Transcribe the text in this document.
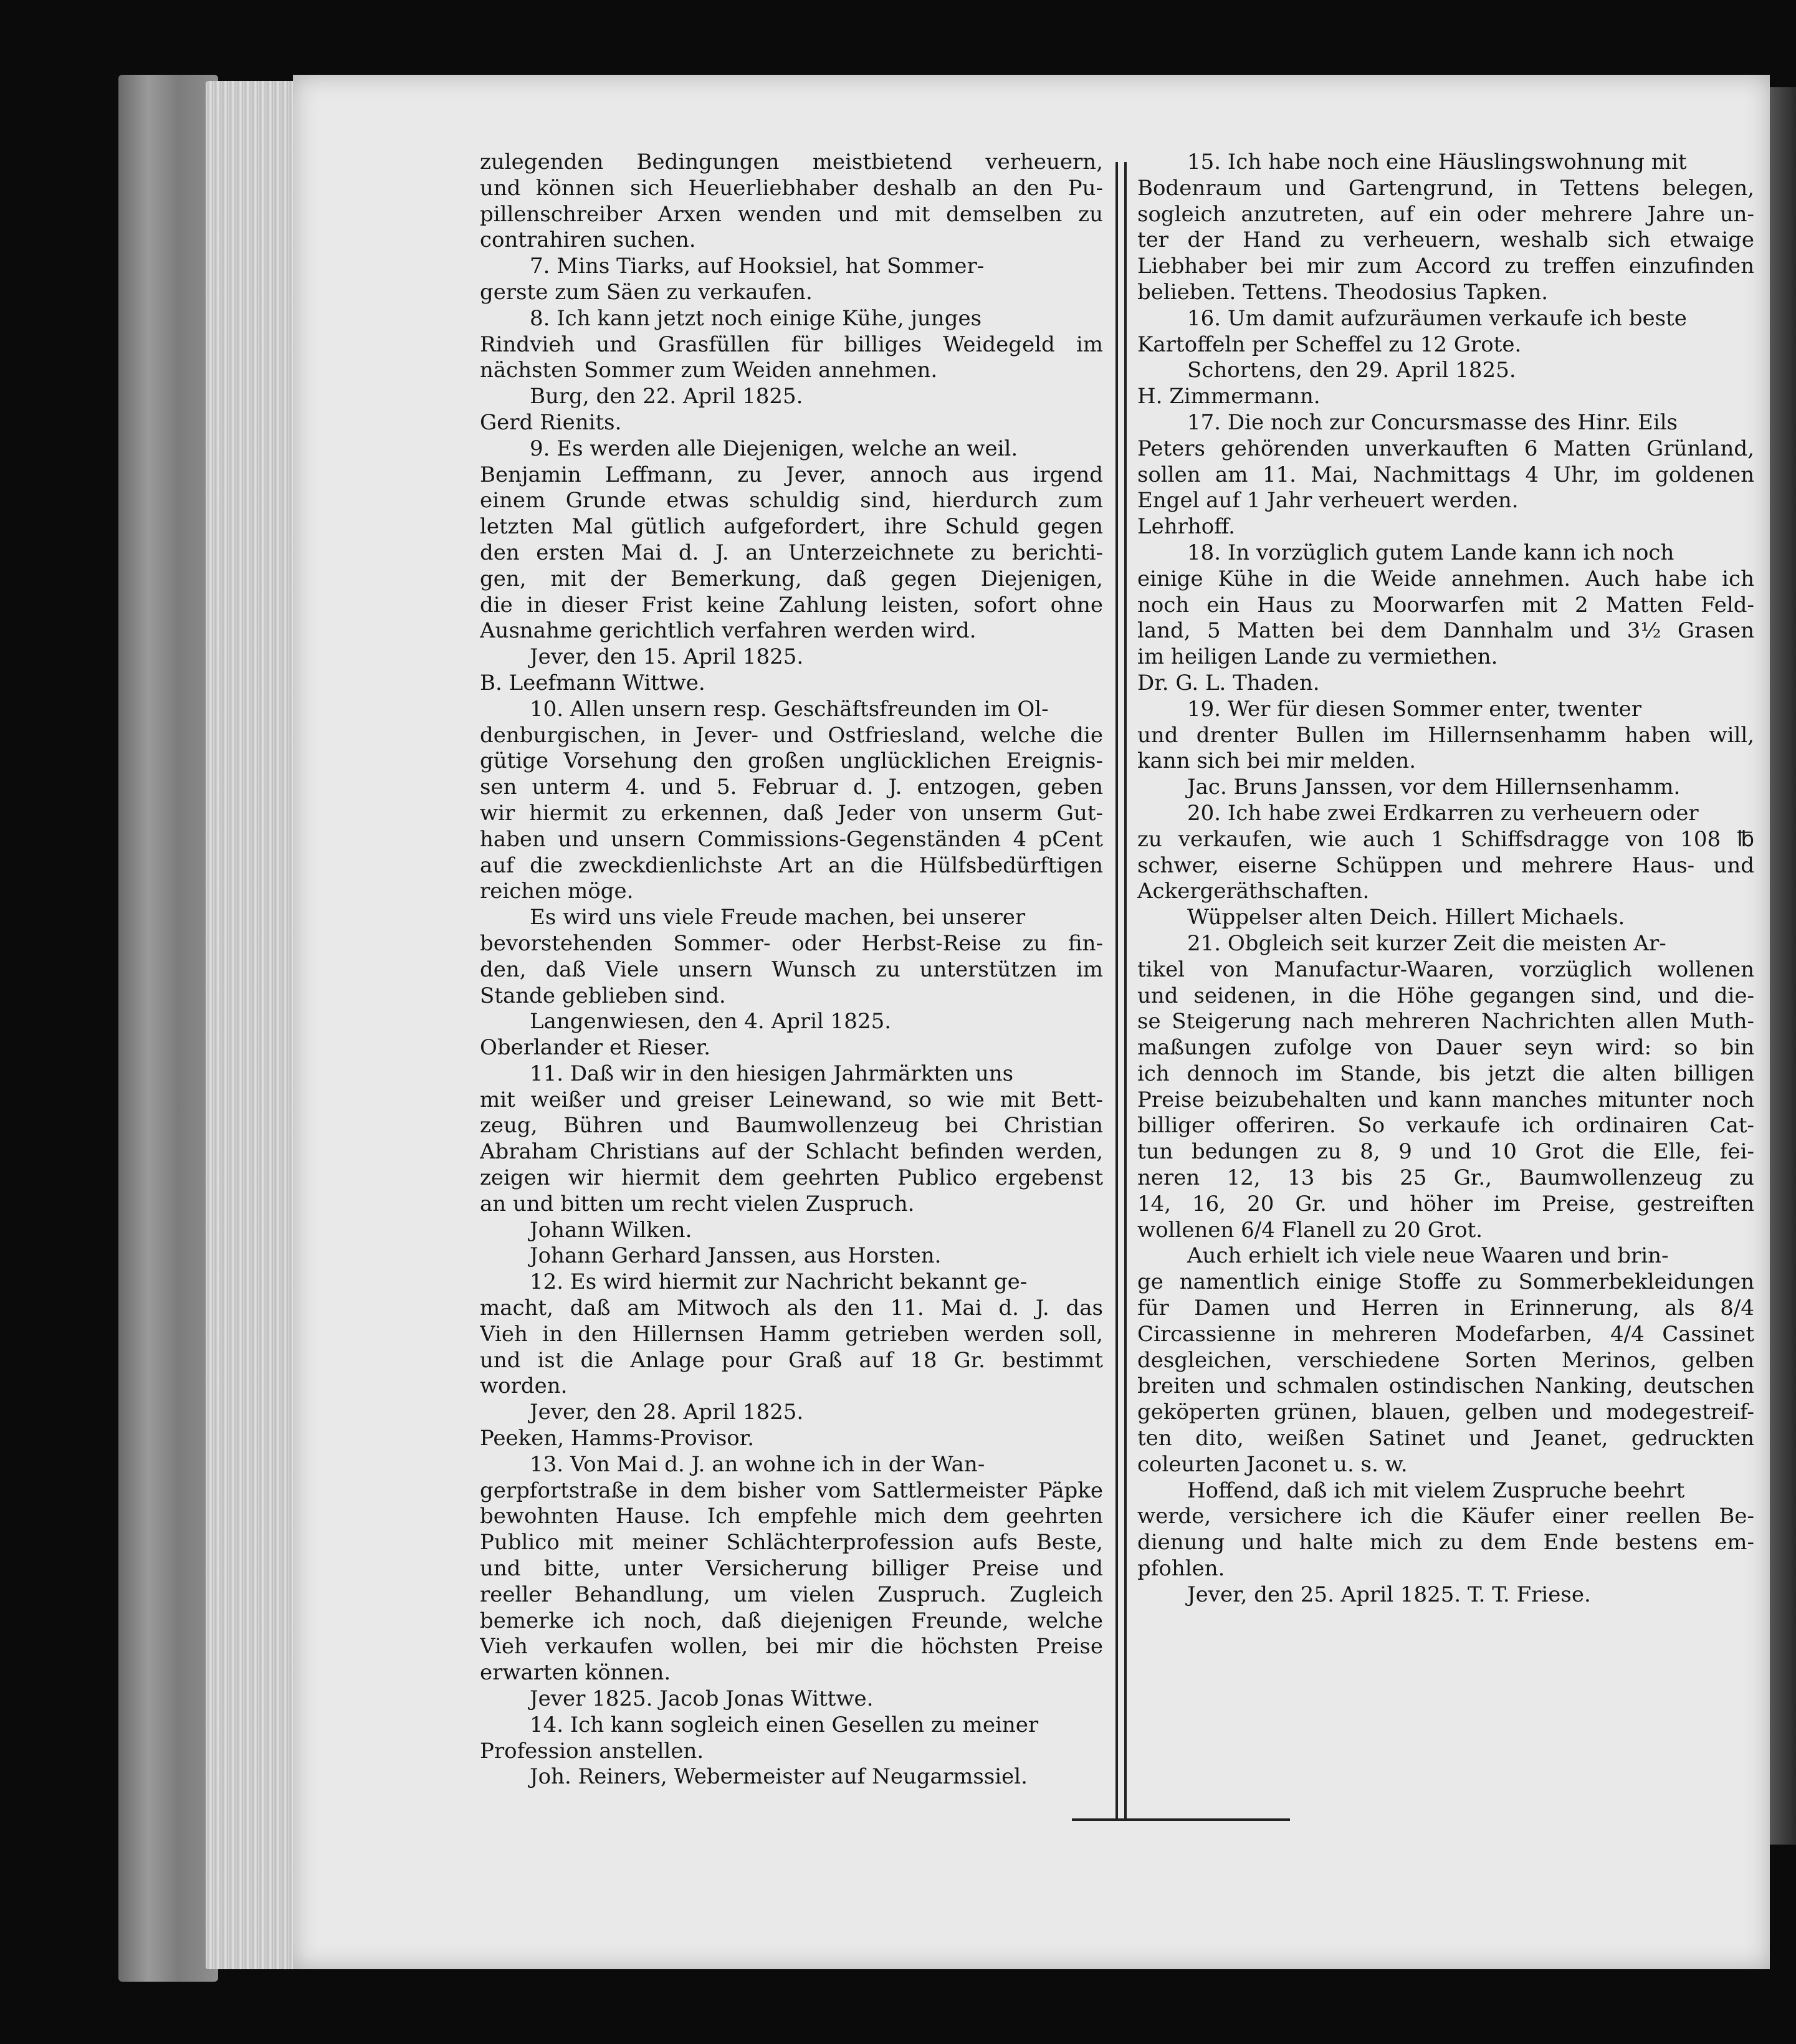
zulegenden Bedingungen meistbietend verheuern,
und können sich Heuerliebhaber deshalb an den Pu-
pillenschreiber Arxen wenden und mit demselben zu
contrahiren suchen.
7. Mins Tiarks, auf Hooksiel, hat Sommer-
gerste zum Säen zu verkaufen.
8. Ich kann jetzt noch einige Kühe, junges
Rindvieh und Grasfüllen für billiges Weidegeld im
nächsten Sommer zum Weiden annehmen.
Burg, den 22. April 1825.
Gerd Rienits.
9. Es werden alle Diejenigen, welche an weil.
Benjamin Leffmann, zu Jever, annoch aus irgend
einem Grunde etwas schuldig sind, hierdurch zum
letzten Mal gütlich aufgefordert, ihre Schuld gegen
den ersten Mai d. J. an Unterzeichnete zu berichti-
gen, mit der Bemerkung, daß gegen Diejenigen,
die in dieser Frist keine Zahlung leisten, sofort ohne
Ausnahme gerichtlich verfahren werden wird.
Jever, den 15. April 1825.
B. Leefmann Wittwe.
10. Allen unsern resp. Geschäftsfreunden im Ol-
denburgischen, in Jever- und Ostfriesland, welche die
gütige Vorsehung den großen unglücklichen Ereignis-
sen unterm 4. und 5. Februar d. J. entzogen, geben
wir hiermit zu erkennen, daß Jeder von unserm Gut-
haben und unsern Commissions-Gegenständen 4 pCent
auf die zweckdienlichste Art an die Hülfsbedürftigen
reichen möge.
Es wird uns viele Freude machen, bei unserer
bevorstehenden Sommer- oder Herbst-Reise zu fin-
den, daß Viele unsern Wunsch zu unterstützen im
Stande geblieben sind.
Langenwiesen, den 4. April 1825.
Oberlander et Rieser.
11. Daß wir in den hiesigen Jahrmärkten uns
mit weißer und greiser Leinewand, so wie mit Bett-
zeug, Bühren und Baumwollenzeug bei Christian
Abraham Christians auf der Schlacht befinden werden,
zeigen wir hiermit dem geehrten Publico ergebenst
an und bitten um recht vielen Zuspruch.
Johann Wilken.
Johann Gerhard Janssen, aus Horsten.
12. Es wird hiermit zur Nachricht bekannt ge-
macht, daß am Mitwoch als den 11. Mai d. J. das
Vieh in den Hillernsen Hamm getrieben werden soll,
und ist die Anlage pour Graß auf 18 Gr. bestimmt
worden.
Jever, den 28. April 1825.
Peeken, Hamms-Provisor.
13. Von Mai d. J. an wohne ich in der Wan-
gerpfortstraße in dem bisher vom Sattlermeister Päpke
bewohnten Hause. Ich empfehle mich dem geehrten
Publico mit meiner Schlächterprofession aufs Beste,
und bitte, unter Versicherung billiger Preise und
reeller Behandlung, um vielen Zuspruch. Zugleich
bemerke ich noch, daß diejenigen Freunde, welche
Vieh verkaufen wollen, bei mir die höchsten Preise
erwarten können.
Jever 1825. Jacob Jonas Wittwe.
14. Ich kann sogleich einen Gesellen zu meiner
Profession anstellen.
Joh. Reiners, Webermeister auf Neugarmssiel.
15. Ich habe noch eine Häuslingswohnung mit
Bodenraum und Gartengrund, in Tettens belegen,
sogleich anzutreten, auf ein oder mehrere Jahre un-
ter der Hand zu verheuern, weshalb sich etwaige
Liebhaber bei mir zum Accord zu treffen einzufinden
belieben. Tettens. Theodosius Tapken.
16. Um damit aufzuräumen verkaufe ich beste
Kartoffeln per Scheffel zu 12 Grote.
Schortens, den 29. April 1825.
H. Zimmermann.
17. Die noch zur Concursmasse des Hinr. Eils
Peters gehörenden unverkauften 6 Matten Grünland,
sollen am 11. Mai, Nachmittags 4 Uhr, im goldenen
Engel auf 1 Jahr verheuert werden.
Lehrhoff.
18. In vorzüglich gutem Lande kann ich noch
einige Kühe in die Weide annehmen. Auch habe ich
noch ein Haus zu Moorwarfen mit 2 Matten Feld-
land, 5 Matten bei dem Dannhalm und 3½ Grasen
im heiligen Lande zu vermiethen.
Dr. G. L. Thaden.
19. Wer für diesen Sommer enter, twenter
und drenter Bullen im Hillernsenhamm haben will,
kann sich bei mir melden.
Jac. Bruns Janssen, vor dem Hillernsenhamm.
20. Ich habe zwei Erdkarren zu verheuern oder
zu verkaufen, wie auch 1 Schiffsdragge von 108 ℔
schwer, eiserne Schüppen und mehrere Haus- und
Ackergeräthschaften.
Wüppelser alten Deich. Hillert Michaels.
21. Obgleich seit kurzer Zeit die meisten Ar-
tikel von Manufactur-Waaren, vorzüglich wollenen
und seidenen, in die Höhe gegangen sind, und die-
se Steigerung nach mehreren Nachrichten allen Muth-
maßungen zufolge von Dauer seyn wird: so bin
ich dennoch im Stande, bis jetzt die alten billigen
Preise beizubehalten und kann manches mitunter noch
billiger offeriren. So verkaufe ich ordinairen Cat-
tun bedungen zu 8, 9 und 10 Grot die Elle, fei-
neren 12, 13 bis 25 Gr., Baumwollenzeug zu
14, 16, 20 Gr. und höher im Preise, gestreiften
wollenen 6/4 Flanell zu 20 Grot.
Auch erhielt ich viele neue Waaren und brin-
ge namentlich einige Stoffe zu Sommerbekleidungen
für Damen und Herren in Erinnerung, als 8/4
Circassienne in mehreren Modefarben, 4/4 Cassinet
desgleichen, verschiedene Sorten Merinos, gelben
breiten und schmalen ostindischen Nanking, deutschen
geköperten grünen, blauen, gelben und modegestreif-
ten dito, weißen Satinet und Jeanet, gedruckten
coleurten Jaconet u. s. w.
Hoffend, daß ich mit vielem Zuspruche beehrt
werde, versichere ich die Käufer einer reellen Be-
dienung und halte mich zu dem Ende bestens em-
pfohlen.
Jever, den 25. April 1825. T. T. Friese.
